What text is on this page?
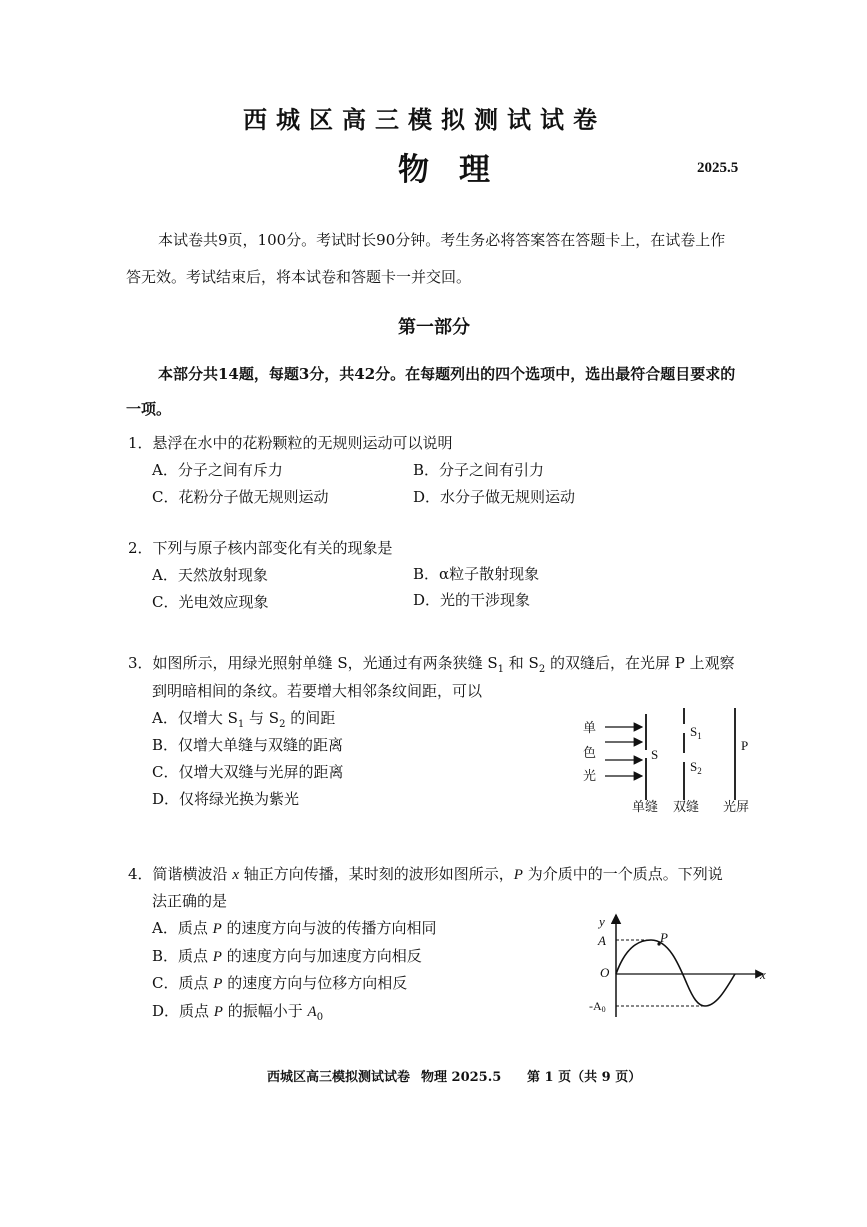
西城区高三模拟测试试卷
物理	2025.5
本试卷共9页，100分。考试时长90分钟。考生务必将答案答在答题卡上，在试卷上作
答无效。考试结束后，将本试卷和答题卡一并交回。
第一部分
本部分共14题，每题3分，共42分。在每题列出的四个选项中，选出最符合题目要求的
一项。
1．悬浮在水中的花粉颗粒的无规则运动可以说明
A．分子之间有斥力	B．分子之间有引力
C．花粉分子做无规则运动	D．水分子做无规则运动
2．下列与原子核内部变化有关的现象是
A．天然放射现象	B．α粒子散射现象
C．光电效应现象	D．光的干涉现象
3．如图所示，用绿光照射单缝 S，光通过有两条狭缝 $S_1$ 和 $S_2$ 的双缝后，在光屏 P 上观察
到明暗相间的条纹。若要增大相邻条纹间距，可以
A．仅增大 $S_1$ 与 $S_2$ 的间距
B．仅增大单缝与双缝的距离
C．仅增大双缝与光屏的距离
D．仅将绿光换为紫光
单
色
光
S
$S_1$
$S_2$
P
单缝 双缝 光屏
4．简谐横波沿 x 轴正方向传播，某时刻的波形如图所示，P 为介质中的一个质点。下列说
法正确的是
A．质点 P 的速度方向与波的传播方向相同
B．质点 P 的速度方向与加速度方向相反
C．质点 P 的速度方向与位移方向相反
D．质点 P 的振幅小于 $A_0$
y
x
A
O
P
-A0
西城区高三模拟测试试卷 物理 2025.5 第 1 页（共 9 页）
